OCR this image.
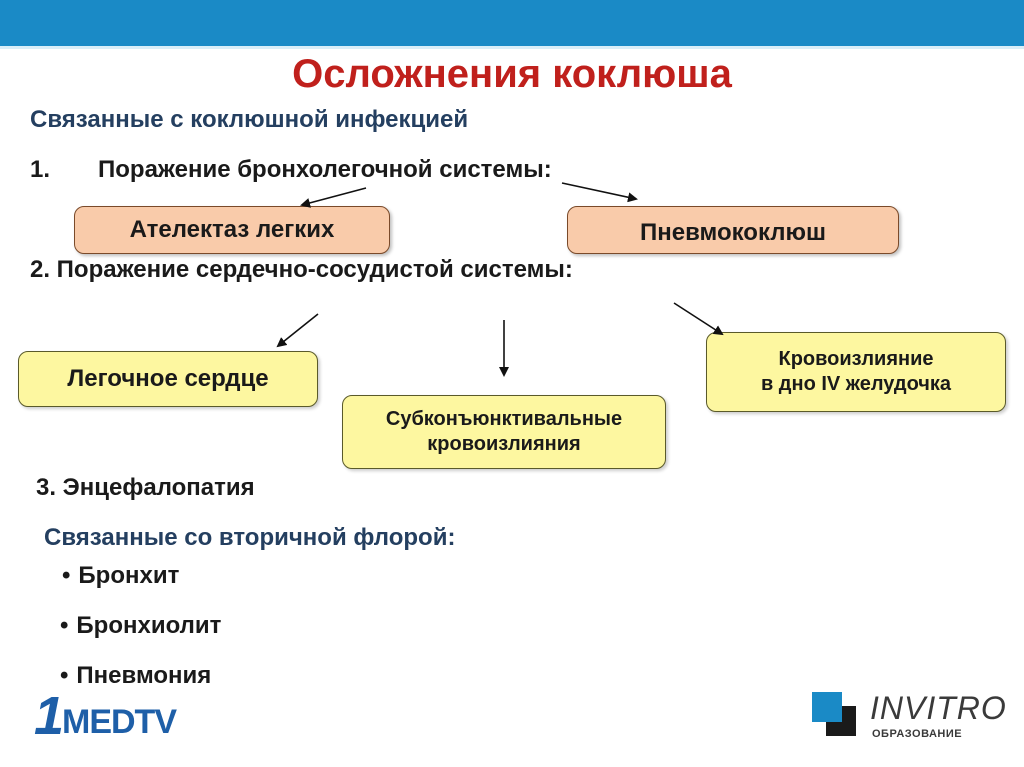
Осложнения коклюша
Связанные с коклюшной инфекцией
1. Поражение бронхолегочной системы:
Ателектаз легких	Пневмококлюш
2. Поражение сердечно-сосудистой системы:
Легочное сердце
Субконъюнктивальные
кровоизлияния
Кровоизлияние
в дно IV желудочка
3. Энцефалопатия
Связанные со вторичной флорой:
• Бронхит
• Бронхиолит
• Пневмония
1
MEDTV	INVITRO
ОБРАЗОВАНИЕ
